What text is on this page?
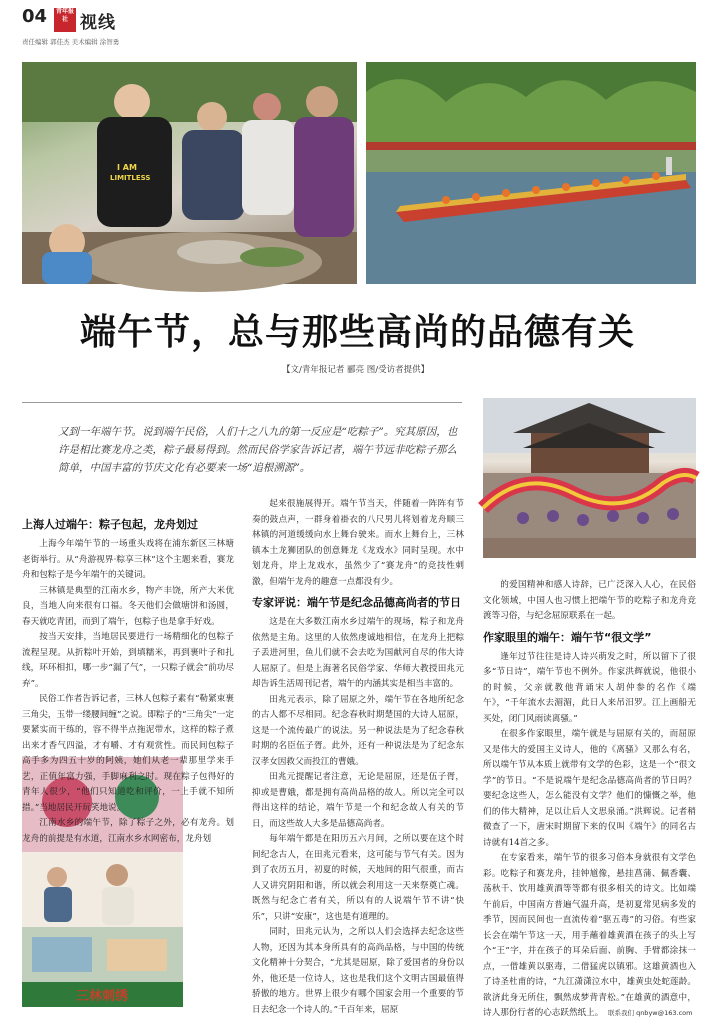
04	青年报社 视线
责任编辑 郭佳杰 美术编辑 涂智勇
I AM
LIMITLESS
端午节，总与那些高尚的品德有关
【文/青年报记者 郦亮 图/受访者提供】
又到一年端午节。说到端午民俗，人们十之八九的第一反应是“吃粽子”。究其原因，也许是相比赛龙舟之类，粽子最易得到。然而民俗学家告诉记者，端午节远非吃粽子那么简单，中国丰富的节庆文化有必要来一场“追根溯源”。
三林刺绣
上海人过端午：粽子包起，龙舟划过

上海今年端午节的一场重头戏将在浦东新区三林塘老街举行。从“舟游视界·粽享三林”这个主题来看，赛龙舟和包粽子是今年端午的关键词。

三林镇是典型的江南水乡，物产丰饶，所产大米优良，当地人向来很有口福。冬天他们会做塘饼和汤圆，春天就吃青团，而到了端午，包粽子也是拿手好戏。

按当天安排，当地居民要进行一场精细化的包粽子流程呈现。从折粽叶开始，到填糯米，再到裹叶子和扎线，环环相扣，哪一步“漏了气”，一只粽子就会“前功尽弃”。

民俗工作者告诉记者，三林人包粽子素有“勒紧束裹三角尖，玉带一缕腰间缠”之说。即粽子的“三角尖”一定要紧实而干练的，容不得半点拖泥带水，这样的粽子煮出来才香气四溢，才有嚼、才有观赏性。而民间包粽子高手多为四五十岁的阿姨，她们从老一辈那里学来手艺，正值年富力强，手脚麻利之时。现在粽子包得好的青年人很少，“他们只知道吃和评价，一上手就不知所措。”当地居民开玩笑地说。

江南水乡的端午节，除了粽子之外，必有龙舟。划龙舟的前提是有水道，江南水乡水网密布，龙舟划

起来很施展得开。端午节当天，伴随着一阵阵有节奏的鼓点声，一群身着褂衣的八尺男儿将划着龙舟顺三林镇的河道缓缓向水上舞台驶来。而水上舞台上，三林镇本土龙狮团队的创意舞龙《龙戏水》同时呈现。水中划龙舟，岸上龙戏水，虽然少了“赛龙舟”的竞技性刺激，但端午龙舟的趣意一点都没有少。

专家评说：端午节是纪念品德高尚者的节日

这是在大多数江南水乡过端午的现场，粽子和龙舟依然是主角。这里的人依然虔诚地相信，在龙舟上把粽子丢进河里，鱼儿们就不会去吃为国献河自尽的伟大诗人屈原了。但是上海著名民俗学家、华师大教授田兆元却告诉生活周刊记者，端午的内涵其实是相当丰富的。

田兆元表示，除了屈原之外，端午节在各地所纪念的古人都不尽相同。纪念春秋时期楚国的大诗人屈原，这是一个流传最广的说法。另一种说法是为了纪念春秋时期的名臣伍子胥。此外，还有一种说法是为了纪念东汉孝女因救父而投江的曹娥。

田兆元提醒记者注意，无论是屈原，还是伍子胥，抑或是曹娥，都是拥有高尚品格的故人。所以完全可以得出这样的结论，端午节是一个和纪念故人有关的节日，而这些故人大多是品德高尚者。

每年端午都是在阳历五六月间，之所以要在这个时间纪念古人，在田兆元看来，这可能与节气有关。因为到了农历五月，初夏的时候，天地间的阳气很重，而古人又讲究阴阳和谐，所以就会利用这一天来祭奠亡魂。既然与纪念亡者有关，所以有的人说端午节不讲“快乐”，只讲“安康”，这也是有道理的。

同时，田兆元认为，之所以人们会选择去纪念这些人物，还因为其本身所具有的高尚品格，与中国的传统文化精神十分契合，“尤其是屈原，除了爱国者的身份以外，他还是一位诗人，这也是我们这个文明古国最值得骄傲的地方。世界上很少有哪个国家会用一个重要的节日去纪念一个诗人的。”千百年来，屈原

的爱国精神和感人诗辞，已广泛深入人心，在民俗文化领域，中国人也习惯上把端午节的吃粽子和龙舟竞渡等习俗，与纪念屈原联系在一起。

作家眼里的端午：端午节“很文学”

逢年过节往往是诗人诗兴萌发之时，所以留下了很多“节日诗”，端午节也不例外。作家洪辉就说，他很小的时候，父亲就教他背诵宋人胡仲参的名作《端午》，“千年流水去湄湄，此日人来吊汨罗。江上画船无买处，闭门风雨读离骚。”

在很多作家眼里，端午就是与屈原有关的，而屈原又是伟大的爱国主义诗人，他的《离骚》又那么有名，所以端午节从本质上就带有文学的色彩，这是一个“很文学”的节日。“不是说端午是纪念品德高尚者的节日吗？要纪念这些人，怎么能没有文学？他们的慷慨之举，他们的伟大精神，足以让后人文思泉涌。”洪辉说。记者稍微查了一下，唐宋时期留下来的仅叫《端午》的同名古诗就有14首之多。

在专家看来，端午节的很多习俗本身就很有文学色彩。吃粽子和赛龙舟，挂钟馗像，悬挂菖蒲、佩香囊、荡秋千、饮用雄黄酒等等都有很多相关的诗文。比如端午前后，中国南方普遍气温升高，是初夏常见病多发的季节，因而民间也一直流传着“驱五毒”的习俗。有些家长会在端午节这一天，用手蘸着雄黄酒在孩子的头上写个“王”字，并在孩子的耳朵后面、前胸、手臂都涂抹一点，一借雄黄以驱毒，二借猛虎以镇邪。这雄黄酒也入了诗圣杜甫的诗，“九江潇潇泣水中，雄黄虫处蛇莲龄。欲济此身无所住，飘然成梦背青松。”在雄黄的酒意中，诗人那份行者的心志跃然纸上。 联系我们 qnbyw@163.com
